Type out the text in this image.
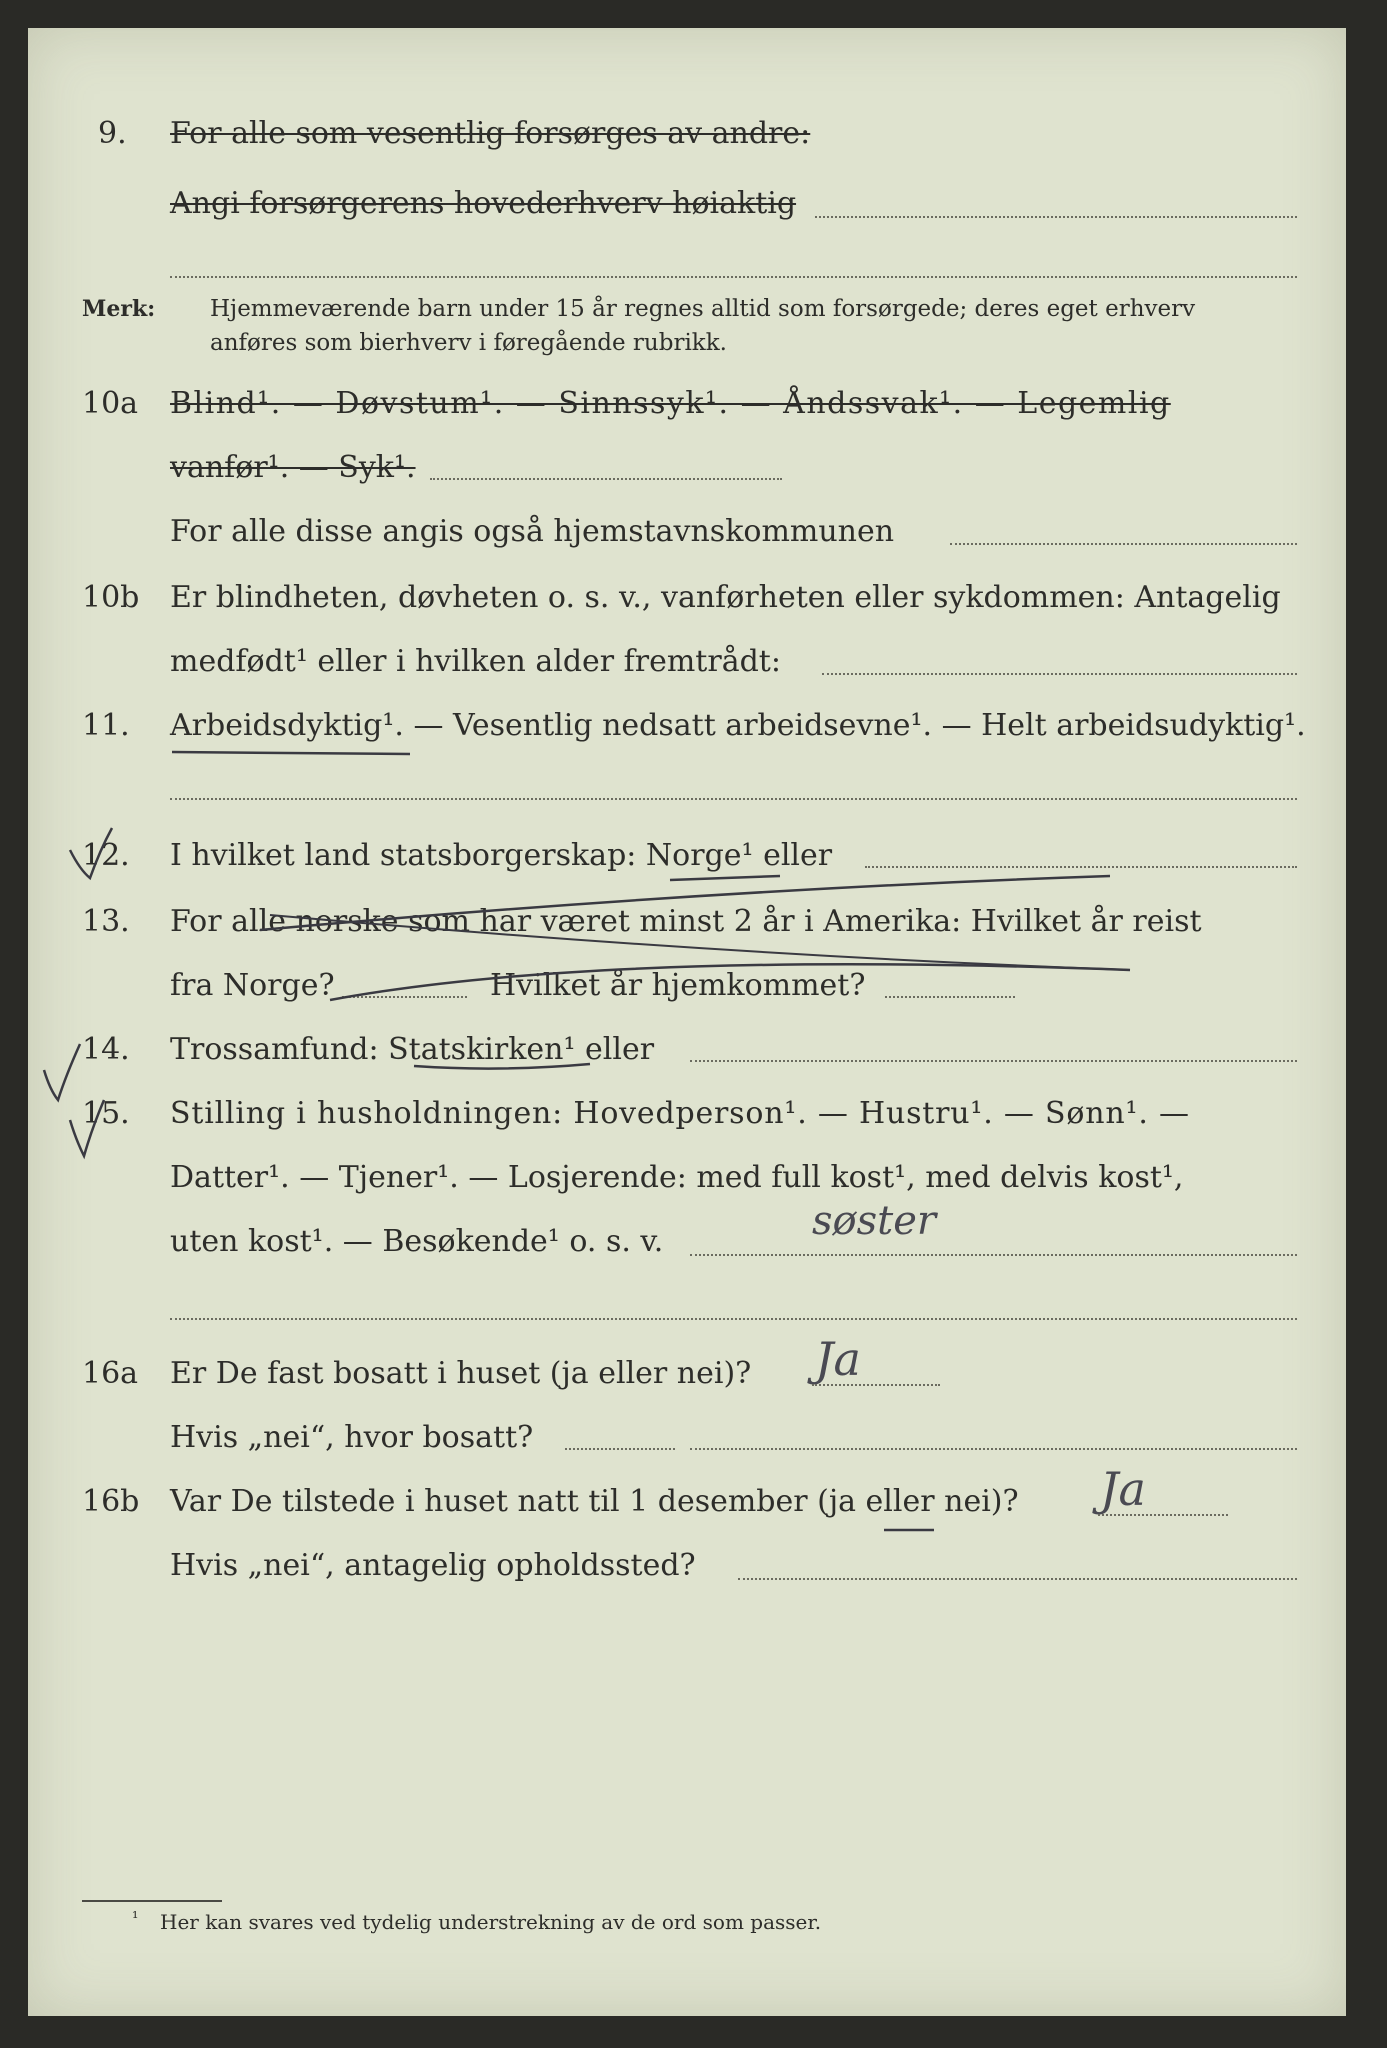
9. For alle som vesentlig forsørges av andre:
Angi forsørgerens hovederhverv høiaktig
Merk: Hjemmeværende barn under 15 år regnes alltid som forsørgede; deres eget erhverv
anføres som bierhverv i føregående rubrikk.
10a Blind¹. — Døvstum¹. — Sinnssyk¹. — Åndssvak¹. — Legemlig
vanfør¹. — Syk¹.
For alle disse angis også hjemstavnskommunen
10b Er blindheten, døvheten o. s. v., vanførheten eller sykdommen: Antagelig
medfødt¹ eller i hvilken alder fremtrådt:
11. Arbeidsdyktig¹. — Vesentlig nedsatt arbeidsevne¹. — Helt arbeidsudyktig¹.
12. I hvilket land statsborgerskap: Norge¹ eller
13. For alle norske som har været minst 2 år i Amerika: Hvilket år reist
fra Norge?	Hvilket år hjemkommet?
14. Trossamfund: Statskirken¹ eller
15. Stilling i husholdningen: Hovedperson¹. — Hustru¹. — Sønn¹. —
Datter¹. — Tjener¹. — Losjerende: med full kost¹, med delvis kost¹,
uten kost¹. — Besøkende¹ o. s. v.	søster
16a Er De fast bosatt i huset (ja eller nei)? Ja
Hvis „nei“, hvor bosatt?
16b Var De tilstede i huset natt til 1 desember (ja eller nei)? Ja
Hvis „nei“, antagelig opholdssted?
¹ Her kan svares ved tydelig understrekning av de ord som passer.
